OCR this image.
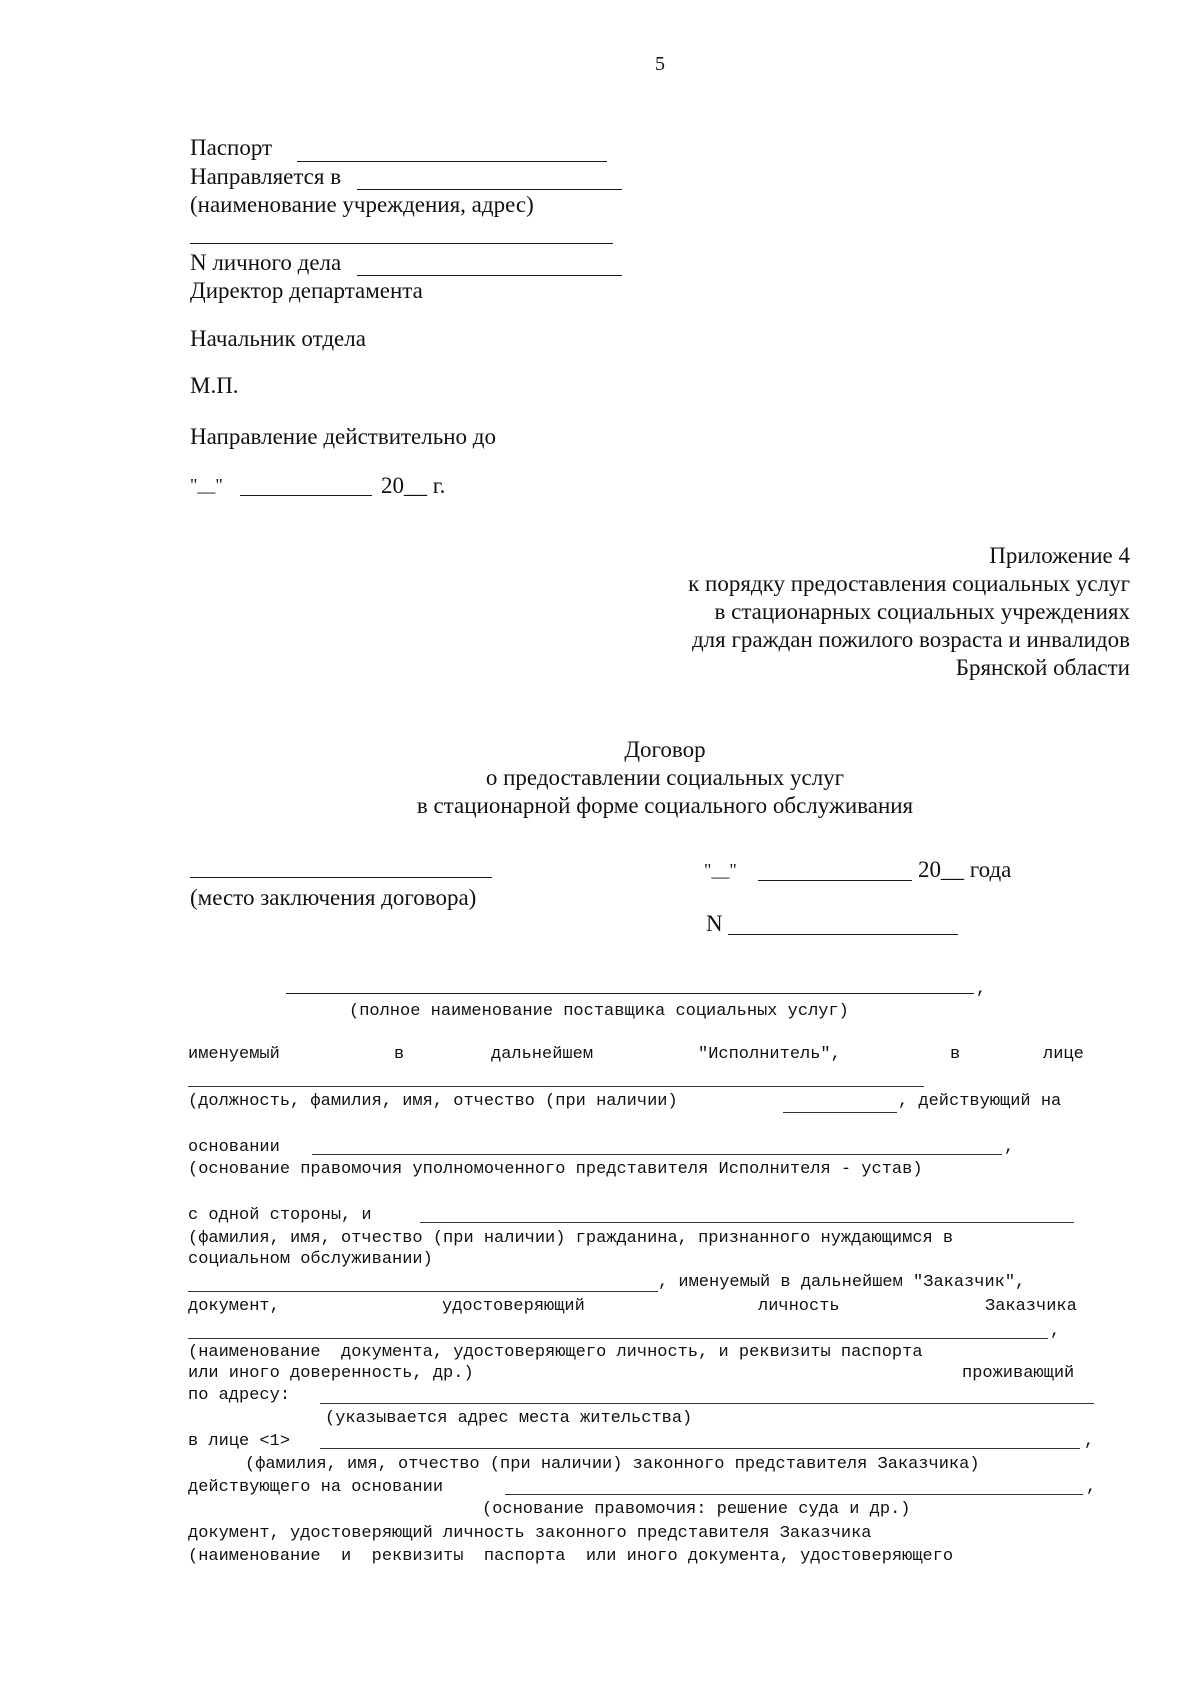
5
Паспорт
Направляется в
(наименование учреждения, адрес)
N личного дела
Директор департамента
Начальник отдела
М.П.
Направление действительно до
"__"	20__ г.
Приложение 4
к порядку предоставления социальных услуг
в стационарных социальных учреждениях
для граждан пожилого возраста и инвалидов
Брянской области
Договор
о предоставлении социальных услуг
в стационарной форме социального обслуживания
(место заключения договора)
"__"	20__ года
N
,
(полное наименование поставщика социальных услуг)
именуемый	в	дальнейшем	"Исполнитель",	в	лице
(должность, фамилия, имя, отчество (при наличии)	, действующий на
основании	,
(основание правомочия уполномоченного представителя Исполнителя - устав)
с одной стороны, и
(фамилия, имя, отчество (при наличии) гражданина, признанного нуждающимся в
социальном обслуживании)
, именуемый в дальнейшем "Заказчик",
документ,	удостоверяющий	личность	Заказчика
,
(наименование  документа, удостоверяющего личность, и реквизиты паспорта
или иного доверенность, др.)	проживающий
по адресу:
(указывается адрес места жительства)
в лице <1>	,
(фамилия, имя, отчество (при наличии) законного представителя Заказчика)
действующего на основании	,
(основание правомочия: решение суда и др.)
документ, удостоверяющий личность законного представителя Заказчика
(наименование  и  реквизиты  паспорта  или иного документа, удостоверяющего
